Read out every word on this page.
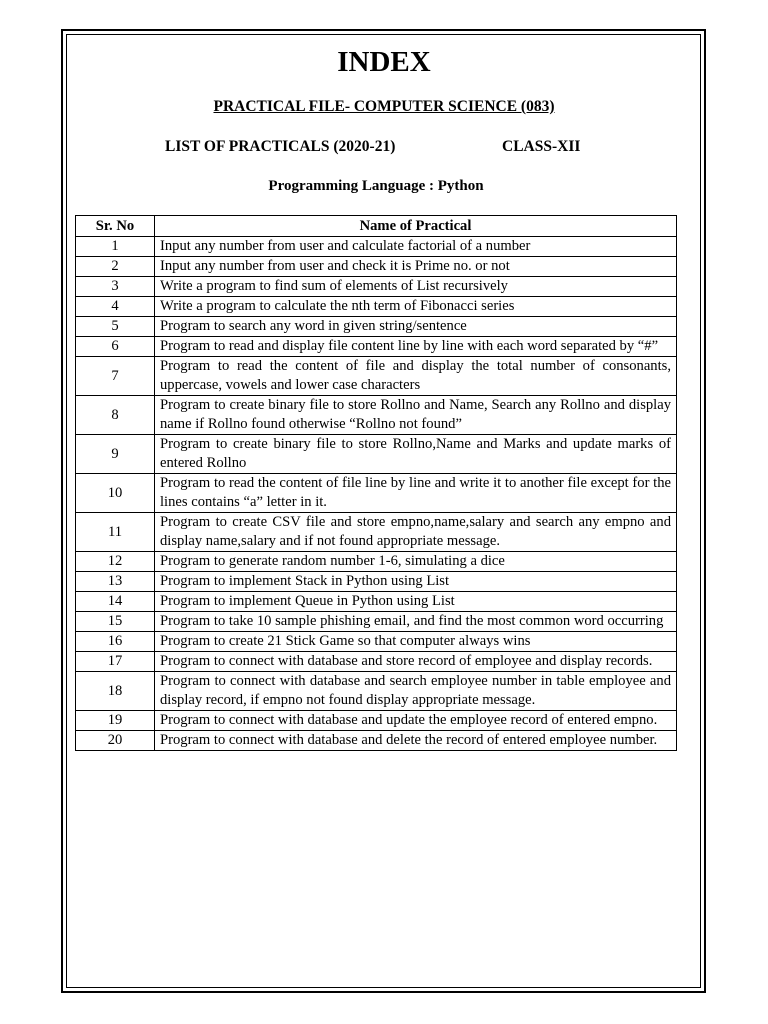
INDEX
PRACTICAL FILE- COMPUTER SCIENCE (083)
LIST OF PRACTICALS (2020-21)	CLASS-XII
Programming Language : Python
Sr. No	Name of Practical
1	Input any number from user and calculate factorial of a number
2	Input any number from user and check it is Prime no. or not
3	Write a program to find sum of elements of List recursively
4	Write a program to calculate the nth term of Fibonacci series
5	Program to search any word in given string/sentence
6	Program to read and display file content line by line with each word separated by “#”
7	Program to read the content of file and display the total number of consonants, uppercase, vowels and lower case characters
8	Program to create binary file to store Rollno and Name, Search any Rollno and display name if Rollno found otherwise “Rollno not found”
9	Program to create binary file to store Rollno,Name and Marks and update marks of entered Rollno
10	Program to read the content of file line by line and write it to another file except for the lines contains “a” letter in it.
11	Program to create CSV file and store empno,name,salary and search any empno and display name,salary and if not found appropriate message.
12	Program to generate random number 1-6, simulating a dice
13	Program to implement Stack in Python using List
14	Program to implement Queue in Python using List
15	Program to take 10 sample phishing email, and find the most common word occurring
16	Program to create 21 Stick Game so that computer always wins
17	Program to connect with database and store record of employee and display records.
18	Program to connect with database and search employee number in table employee and display record, if empno not found display appropriate message.
19	Program to connect with database and update the employee record of entered empno.
20	Program to connect with database and delete the record of entered employee number.
